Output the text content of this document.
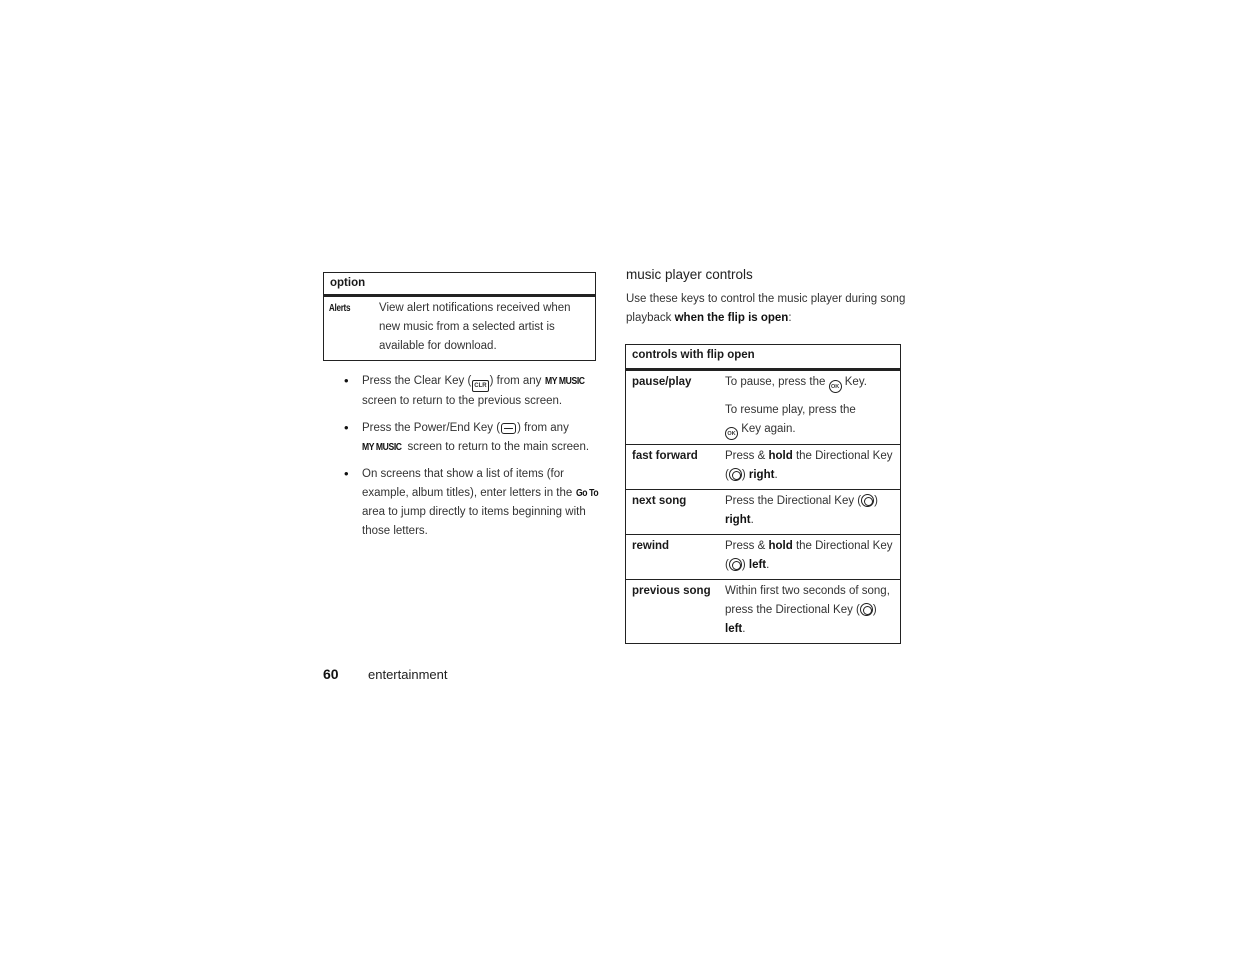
option
Alerts	View alert notifications received when new music from a selected artist is available for download.
• Press the Clear Key ( CLR ) from any MY MUSIC screen to return to the previous screen.
• Press the Power/End Key ( ) from any MY MUSIC screen to return to the main screen.
• On screens that show a list of items (for example, album titles), enter letters in the Go To area to jump directly to items beginning with those letters.
music player controls
Use these keys to control the music player during song playback when the flip is open:
controls with flip open
pause/play	To pause, press the OK Key.

To resume play, press the
OK Key again.

fast forward	Press & hold the Directional Key ( ) right.
next song	Press the Directional Key ( ) right.
rewind	Press & hold the Directional Key ( ) left.
previous song	Within first two seconds of song, press the Directional Key ( ) left.
60 entertainment
